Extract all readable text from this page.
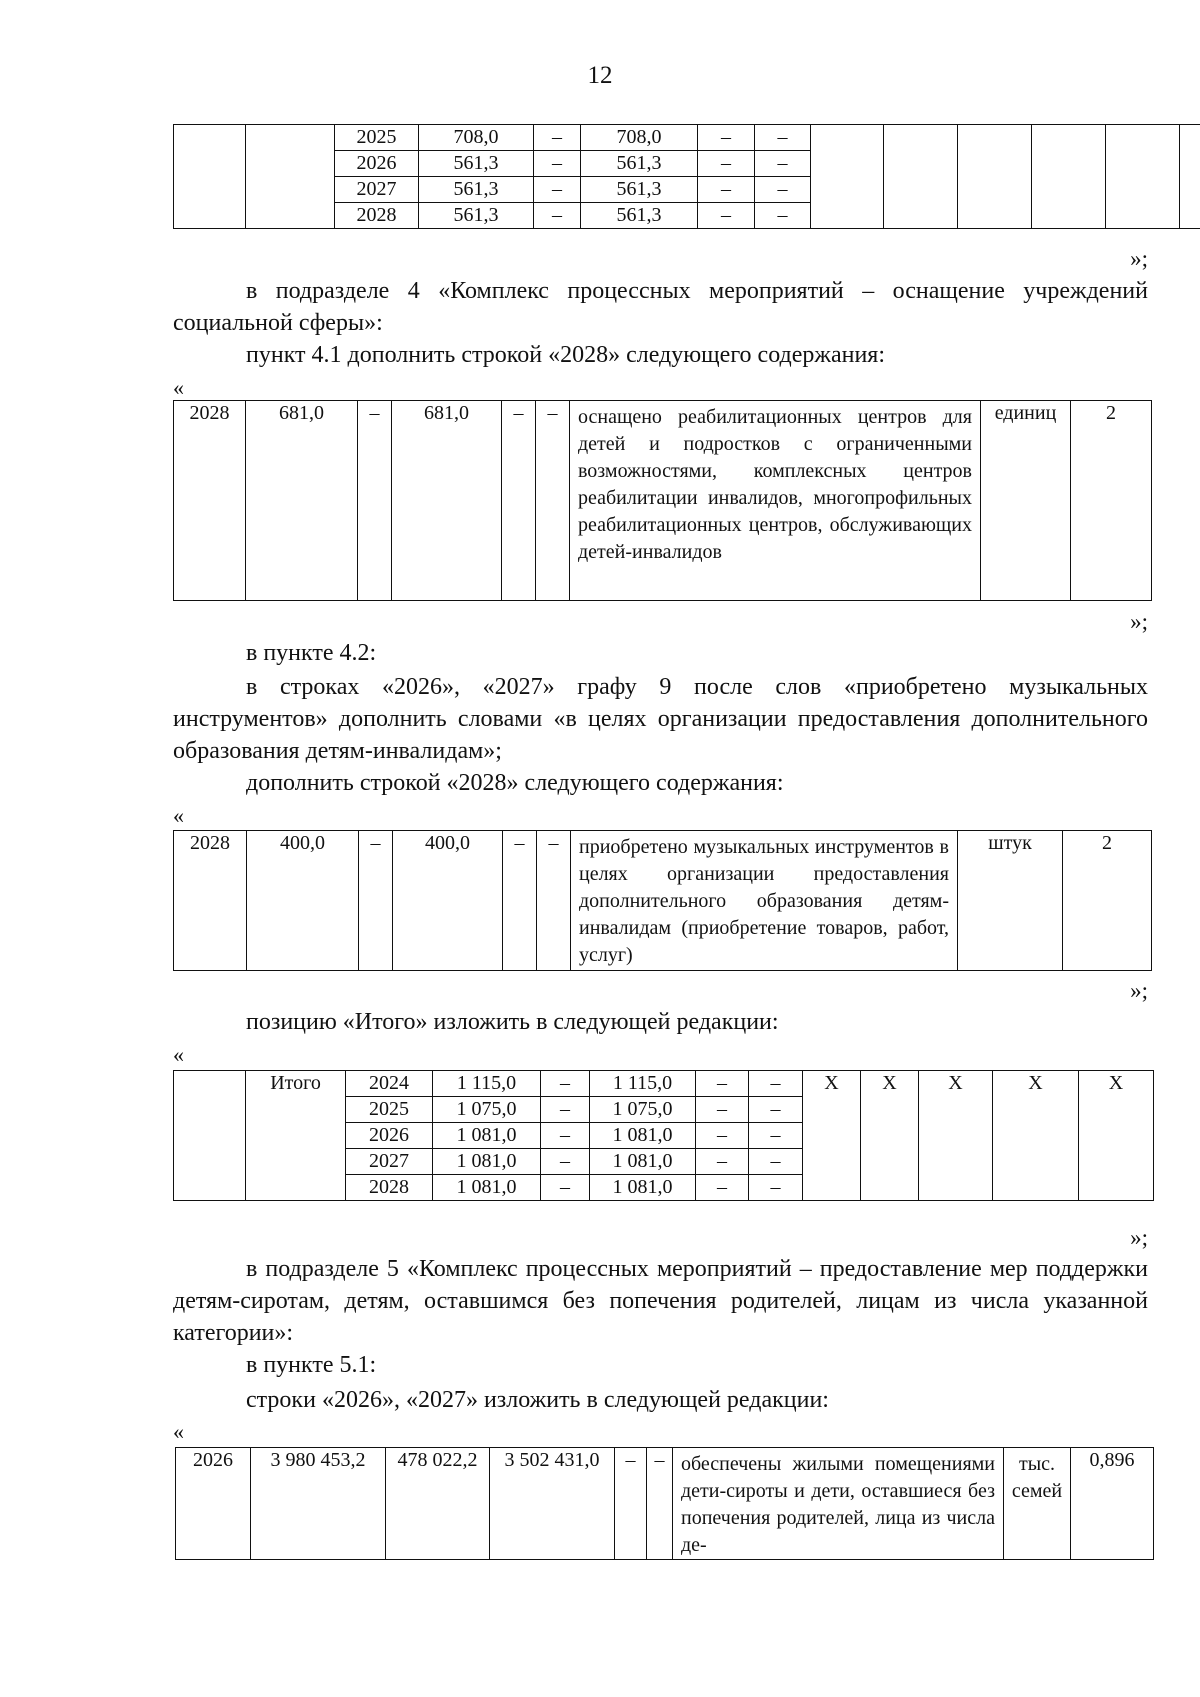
12
		2025	708,0	–	708,0	–	–						
		2026	561,3	–	561,3	–	–						
		2027	561,3	–	561,3	–	–						
		2028	561,3	–	561,3	–	–						
»;
в подразделе 4 «Комплекс процессных мероприятий – оснащение учреждений социальной сферы»:
пункт 4.1 дополнить строкой «2028» следующего содержания:
«
2028	681,0	–	681,0	–	–	оснащено реабилитационных центров для детей и подростков с ограниченными возможностями, комплексных центров реабилитации инвалидов, многопрофильных реабилитационных центров, обслуживающих детей-инвалидов	единиц	2
»;
в пункте 4.2:
в строках «2026», «2027» графу 9 после слов «приобретено музыкальных инструментов» дополнить словами «в целях организации предоставления дополнительного образования детям-инвалидам»;
дополнить строкой «2028» следующего содержания:
«
2028	400,0	–	400,0	–	–	приобретено музыкальных инструментов в целях организации предоставления дополнительного образования детям-инвалидам (приобретение товаров, работ, услуг)	штук	2
»;
позицию «Итого» изложить в следующей редакции:
«
	Итого	2024	1 115,0	–	1 115,0	–	–	Х	Х	Х	Х	Х
		2025	1 075,0	–	1 075,0	–	–					
		2026	1 081,0	–	1 081,0	–	–					
		2027	1 081,0	–	1 081,0	–	–					
		2028	1 081,0	–	1 081,0	–	–					
»;
в подразделе 5 «Комплекс процессных мероприятий – предоставление мер поддержки детям-сиротам, детям, оставшимся без попечения родителей, лицам из числа указанной категории»:
в пункте 5.1:
строки «2026», «2027» изложить в следующей редакции:
«
2026	3 980 453,2	478 022,2	3 502 431,0	–	–	обеспечены жилыми помещениями дети-сироты и дети, оставшиеся без попечения родителей, лица из числа де-	тыс. семей	0,896
